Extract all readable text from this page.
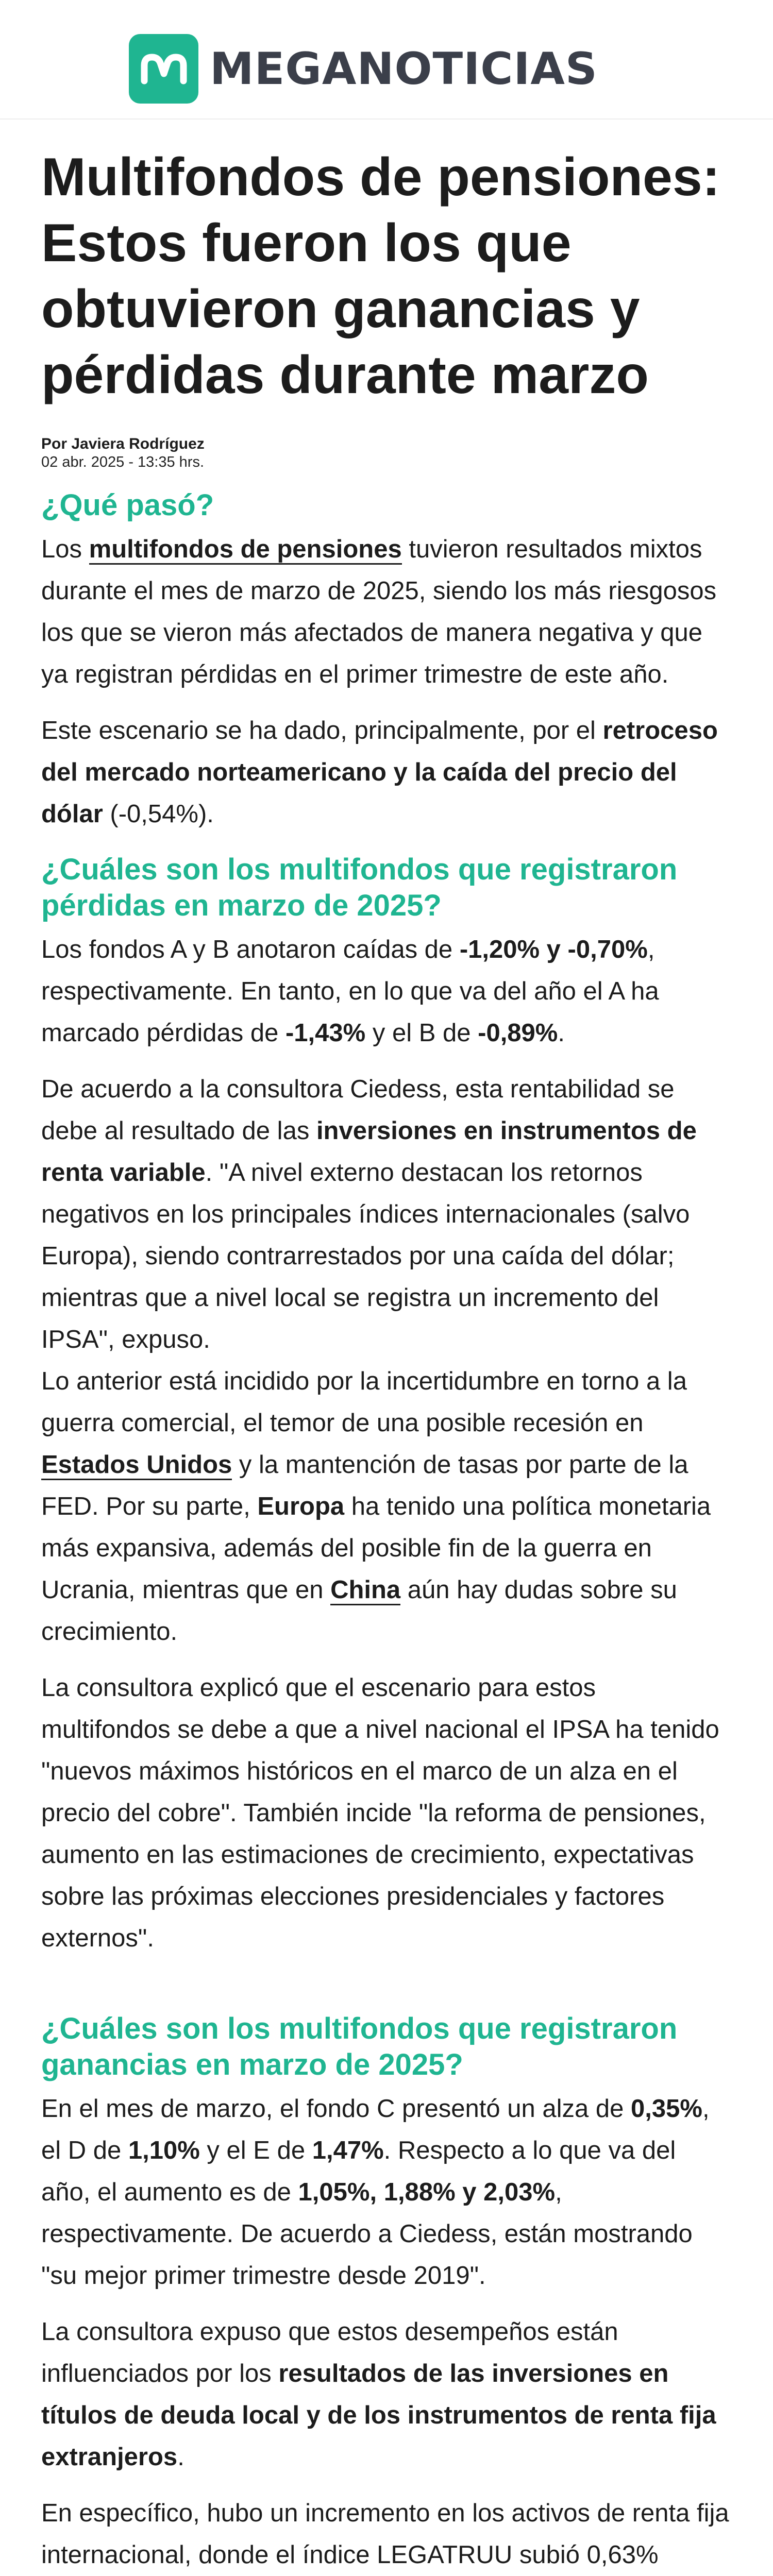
MEGANOTICIAS
Multifondos de pensiones: Estos fueron los que obtuvieron ganancias y pérdidas durante marzo
Por Javiera Rodríguez
02 abr. 2025 - 13:35 hrs.
¿Qué pasó?

Los multifondos de pensiones tuvieron resultados mixtos durante el mes de marzo de 2025, siendo los más riesgosos los que se vieron más afectados de manera negativa y que ya registran pérdidas en el primer trimestre de este año.

Este escenario se ha dado, principalmente, por el retroceso del mercado norteamericano y la caída del precio del dólar (-0,54%).

¿Cuáles son los multifondos que registraron pérdidas en marzo de 2025?

Los fondos A y B anotaron caídas de -1,20% y -0,70%, respectivamente. En tanto, en lo que va del año el A ha marcado pérdidas de -1,43% y el B de -0,89%.

De acuerdo a la consultora Ciedess, esta rentabilidad se debe al resultado de las inversiones en instrumentos de renta variable. "A nivel externo destacan los retornos negativos en los principales índices internacionales (salvo Europa), siendo contrarrestados por una caída del dólar; mientras que a nivel local se registra un incremento del IPSA", expuso.

Lo anterior está incidido por la incertidumbre en torno a la guerra comercial, el temor de una posible recesión en Estados Unidos y la mantención de tasas por parte de la FED. Por su parte, Europa ha tenido una política monetaria más expansiva, además del posible fin de la guerra en Ucrania, mientras que en China aún hay dudas sobre su crecimiento.

La consultora explicó que el escenario para estos multifondos se debe a que a nivel nacional el IPSA ha tenido "nuevos máximos históricos en el marco de un alza en el precio del cobre". También incide "la reforma de pensiones, aumento en las estimaciones de crecimiento, expectativas sobre las próximas elecciones presidenciales y factores externos".

¿Cuáles son los multifondos que registraron ganancias en marzo de 2025?

En el mes de marzo, el fondo C presentó un alza de 0,35%, el D de 1,10% y el E de 1,47%. Respecto a lo que va del año, el aumento es de 1,05%, 1,88% y 2,03%, respectivamente. De acuerdo a Ciedess, están mostrando "su mejor primer trimestre desde 2019".

La consultora expuso que estos desempeños están influenciados por los resultados de las inversiones en títulos de deuda local y de los instrumentos de renta fija extranjeros.

En específico, hubo un incremento en los activos de renta fija internacional, donde el índice LEGATRUU subió 0,63%
